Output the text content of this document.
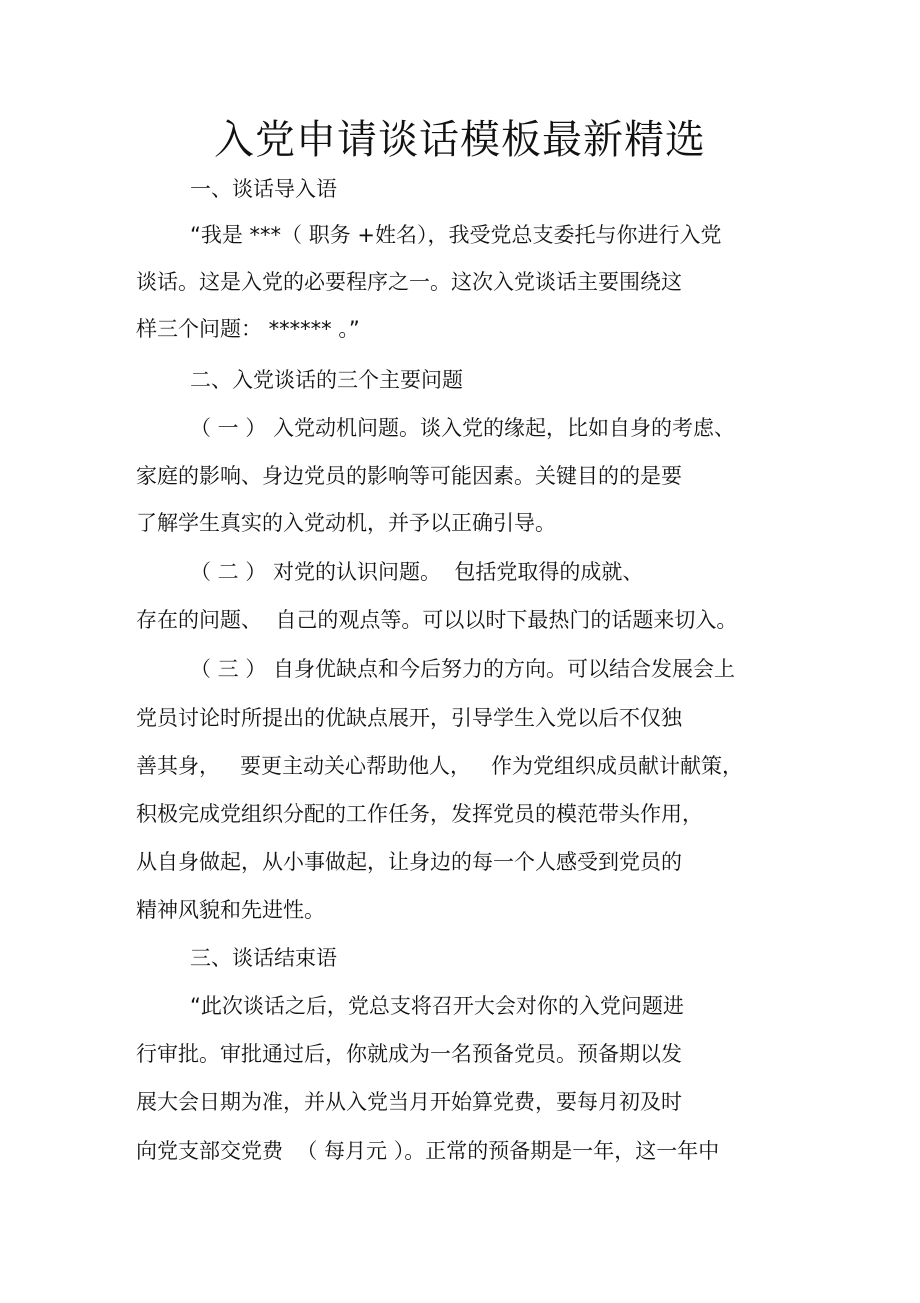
入党申请谈话模板最新精选

一、谈话导入语

“我是 ***（ 职务 +姓名），我受党总支委托与你进行入党

谈话。这是入党的必要程序之一。这次入党谈话主要围绕这

样三个问题： ****** 。”

二、入党谈话的三个主要问题

（ 一 ） 入党动机问题。谈入党的缘起，比如自身的考虑、

家庭的影响、身边党员的影响等可能因素。关键目的的是要

了解学生真实的入党动机，并予以正确引导。

（ 二 ） 对党的认识问题。  包括党取得的成就、

存在的问题、  自己的观点等。可以以时下最热门的话题来切入。

（ 三 ） 自身优缺点和今后努力的方向。可以结合发展会上

党员讨论时所提出的优缺点展开，引导学生入党以后不仅独

善其身，   要更主动关心帮助他人，   作为党组织成员献计献策，

积极完成党组织分配的工作任务，发挥党员的模范带头作用，

从自身做起，从小事做起，让身边的每一个人感受到党员的

精神风貌和先进性。

三、谈话结束语

“此次谈话之后，党总支将召开大会对你的入党问题进

行审批。审批通过后，你就成为一名预备党员。预备期以发

展大会日期为准，并从入党当月开始算党费，要每月初及时

向党支部交党费  （ 每月元 ）。正常的预备期是一年，这一年中
